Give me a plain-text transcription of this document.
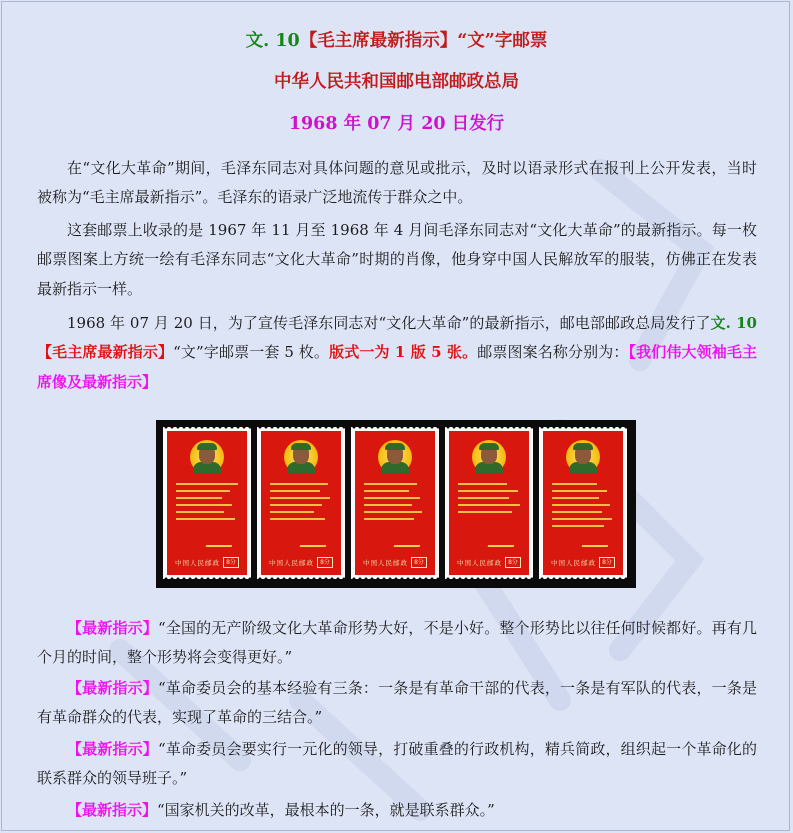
文. 10【毛主席最新指示】“文”字邮票
中华人民共和国邮电部邮政总局
1968 年 07 月 20 日发行

在“文化大革命”期间，毛泽东同志对具体问题的意见或批示，及时以语录形式在报刊上公开发表，当时被称为“毛主席最新指示”。毛泽东的语录广泛地流传于群众之中。

这套邮票上收录的是 1967 年 11 月至 1968 年 4 月间毛泽东同志对“文化大革命”的最新指示。每一枚邮票图案上方统一绘有毛泽东同志“文化大革命”时期的肖像，他身穿中国人民解放军的服装，仿佛正在发表最新指示一样。

1968 年 07 月 20 日，为了宣传毛泽东同志对“文化大革命”的最新指示，邮电部邮政总局发行了文. 10【毛主席最新指示】“文”字邮票一套 5 枚。版式一为 1 版 5 张。邮票图案名称分别为：【我们伟大领袖毛主席像及最新指示】

中国人民邮政	8分	中国人民邮政	8分	中国人民邮政	8分	中国人民邮政	8分	中国人民邮政	8分

【最新指示】“全国的无产阶级文化大革命形势大好，不是小好。整个形势比以往任何时候都好。再有几个月的时间，整个形势将会变得更好。”

【最新指示】“革命委员会的基本经验有三条：一条是有革命干部的代表，一条是有军队的代表，一条是有革命群众的代表，实现了革命的三结合。”

【最新指示】“革命委员会要实行一元化的领导，打破重叠的行政机构，精兵简政，组织起一个革命化的联系群众的领导班子。”

【最新指示】“国家机关的改革，最根本的一条，就是联系群众。”
